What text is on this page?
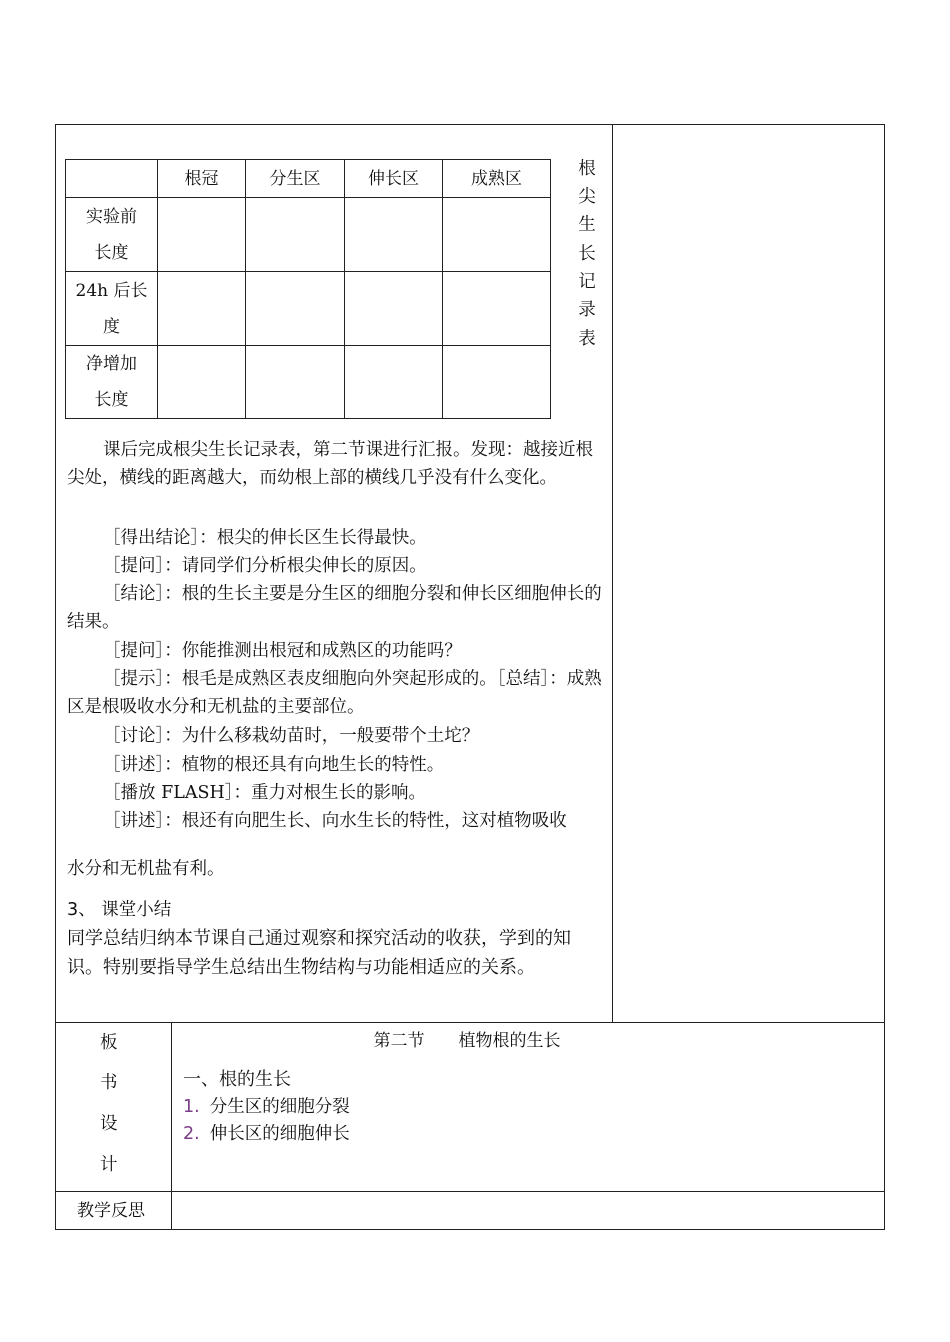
	根冠	分生区	伸长区	成熟区

实验前
长度				

24h 后长
度				

净增加
长度				

根
尖
生
长
记
录
表
课后完成根尖生长记录表，第二节课进行汇报。发现：越接近根尖处，横线的距离越大，而幼根上部的横线几乎没有什么变化。
［得出结论］：根尖的伸长区生长得最快。
［提问］：请同学们分析根尖伸长的原因。
［结论］：根的生长主要是分生区的细胞分裂和伸长区细胞伸长的结果。
［提问］：你能推测出根冠和成熟区的功能吗？
［提示］：根毛是成熟区表皮细胞向外突起形成的。［总结］：成熟区是根吸收水分和无机盐的主要部位。
［讨论］：为什么移栽幼苗时，一般要带个土坨？
［讲述］：植物的根还具有向地生长的特性。
［播放 FLASH］：重力对根生长的影响。
［讲述］：根还有向肥生长、向水生长的特性，这对植物吸收
水分和无机盐有利。
3、 课堂小结
同学总结归纳本节课自己通过观察和探究活动的收获，学到的知识。特别要指导学生总结出生物结构与功能相适应的关系。
板
书
设
计
第二节　　植物根的生长
一、根的生长
1. 分生区的细胞分裂
2. 伸长区的细胞伸长
教学反思
